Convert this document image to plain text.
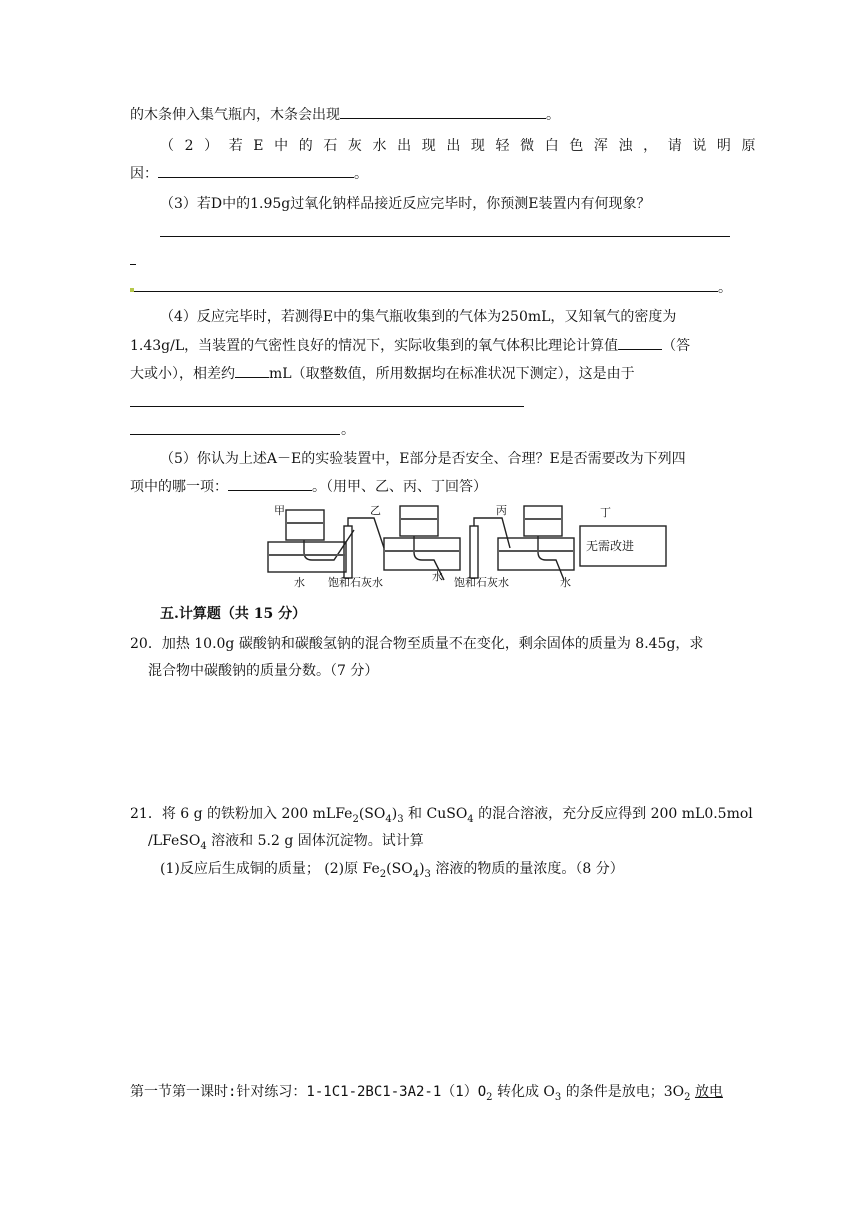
的木条伸入集气瓶内，木条会出现	。
（2）若E中的石灰水出现出现轻微白色浑浊，请说明原
因：	。
（3）若D中的1.95g过氧化钠样品接近反应完毕时，你预测E装置内有何现象？
。
（4）反应完毕时，若测得E中的集气瓶收集到的气体为250mL，又知氧气的密度为
1.43g/L，当装置的气密性良好的情况下，实际收集到的氧气体积比理论计算值	（答
大或小），相差约 mL（取整数值，所用数据均在标准状况下测定），这是由于
。
（5）你认为上述A－E的实验装置中，E部分是否安全、合理？E是否需要改为下列四
项中的哪一项：	。（用甲、乙、丙、丁回答）
甲	乙	丙	丁
无需改进
水 饱和石灰水	水 饱和石灰水	水
五.计算题（共 15 分）
20．加热 10.0g 碳酸钠和碳酸氢钠的混合物至质量不在变化，剩余固体的质量为 8.45g，求
混合物中碳酸钠的质量分数。（7 分）
21．将 6 g 的铁粉加入 200 $mLFe_2(SO_4)_3$ 和 CuSO$_4$ 的混合溶液，充分反应得到 200 mL0.5mol
/LFeSO$_4$ 溶液和 5.2 g 固体沉淀物。试计算
(1)反应后生成铜的质量； (2)原 $Fe_2(SO_4)_3$ 溶液的物质的量浓度。（8 分）
第一节第一课时:针对练习：$1-1C1-2BC1-3A2-1(1)O_2$ 转化成 $O_3$ 的条件是放电；$3O_2$ 放电
